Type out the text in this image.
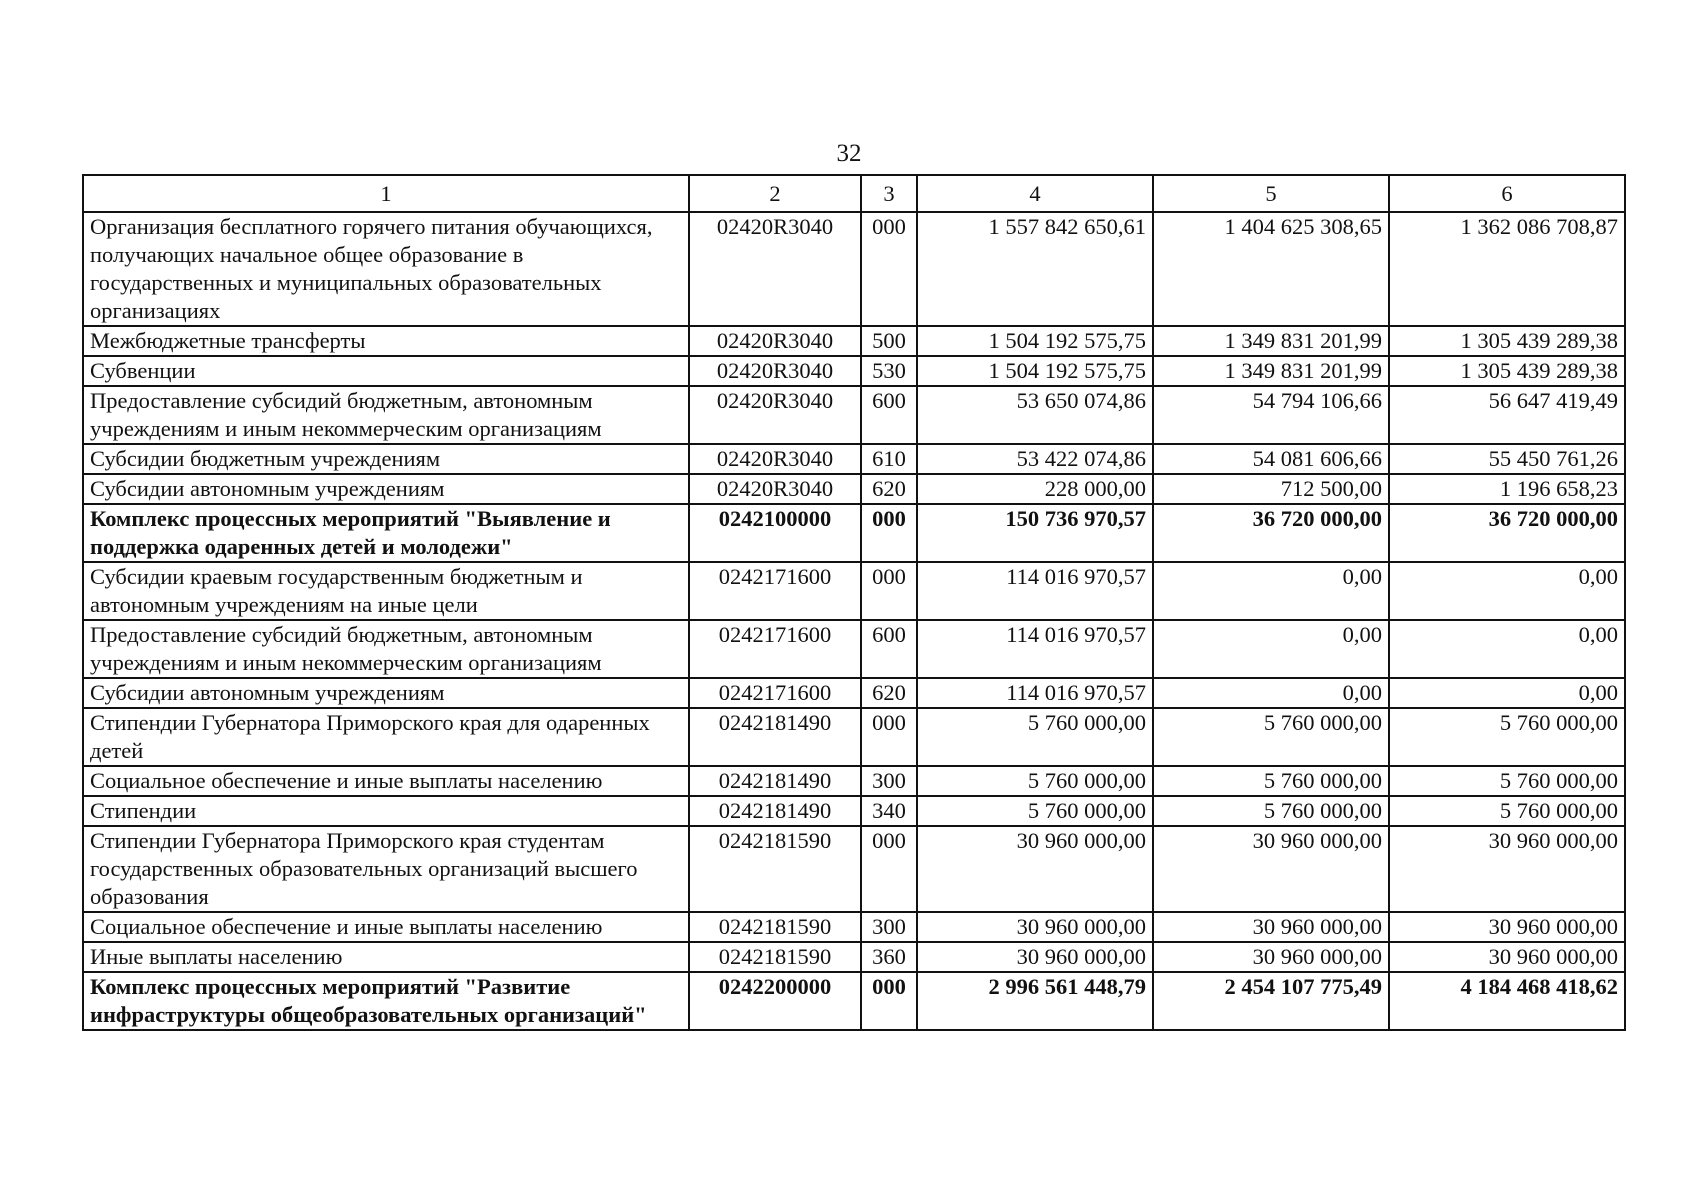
32
1	2	3	4	5	6
Организация бесплатного горячего питания обучающихся, получающих начальное общее образование в государственных и муниципальных образовательных организациях	02420R3040	000	1 557 842 650,61	1 404 625 308,65	1 362 086 708,87
Межбюджетные трансферты	02420R3040	500	1 504 192 575,75	1 349 831 201,99	1 305 439 289,38
Субвенции	02420R3040	530	1 504 192 575,75	1 349 831 201,99	1 305 439 289,38
Предоставление субсидий бюджетным, автономным учреждениям и иным некоммерческим организациям	02420R3040	600	53 650 074,86	54 794 106,66	56 647 419,49
Субсидии бюджетным учреждениям	02420R3040	610	53 422 074,86	54 081 606,66	55 450 761,26
Субсидии автономным учреждениям	02420R3040	620	228 000,00	712 500,00	1 196 658,23
Комплекс процессных мероприятий "Выявление и поддержка одаренных детей и молодежи"	0242100000	000	150 736 970,57	36 720 000,00	36 720 000,00
Субсидии краевым государственным бюджетным и автономным учреждениям на иные цели	0242171600	000	114 016 970,57	0,00	0,00
Предоставление субсидий бюджетным, автономным учреждениям и иным некоммерческим организациям	0242171600	600	114 016 970,57	0,00	0,00
Субсидии автономным учреждениям	0242171600	620	114 016 970,57	0,00	0,00
Стипендии Губернатора Приморского края для одаренных детей	0242181490	000	5 760 000,00	5 760 000,00	5 760 000,00
Социальное обеспечение и иные выплаты населению	0242181490	300	5 760 000,00	5 760 000,00	5 760 000,00
Стипендии	0242181490	340	5 760 000,00	5 760 000,00	5 760 000,00
Стипендии Губернатора Приморского края студентам государственных образовательных организаций высшего образования	0242181590	000	30 960 000,00	30 960 000,00	30 960 000,00
Социальное обеспечение и иные выплаты населению	0242181590	300	30 960 000,00	30 960 000,00	30 960 000,00
Иные выплаты населению	0242181590	360	30 960 000,00	30 960 000,00	30 960 000,00
Комплекс процессных мероприятий "Развитие инфраструктуры общеобразовательных организаций"	0242200000	000	2 996 561 448,79	2 454 107 775,49	4 184 468 418,62
